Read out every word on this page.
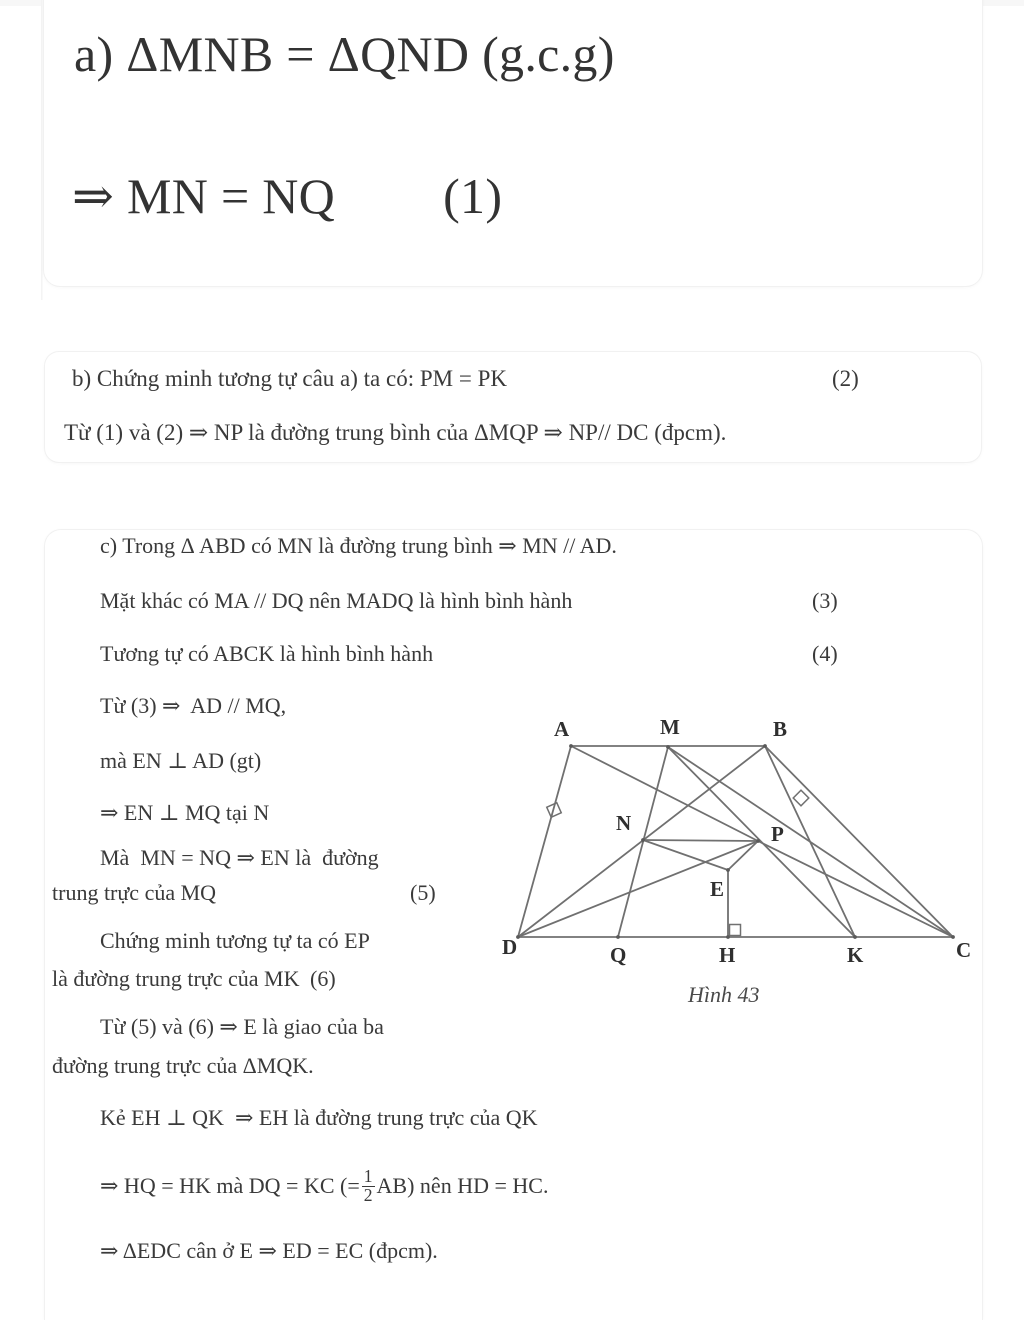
a) ΔMNB = ΔQND (g.c.g)
⇒ MN = NQ (1)
b) Chứng minh tương tự câu a) ta có: PM = PK	(2)
Từ (1) và (2) ⇒ NP là đường trung bình của ΔMQP ⇒ NP// DC (đpcm).
c) Trong Δ ABD có MN là đường trung bình ⇒ MN // AD.
Mặt khác có MA // DQ nên MADQ là hình bình hành	(3)
Tương tự có ABCK là hình bình hành	(4)
Từ (3) ⇒  AD // MQ,
mà EN ⊥ AD (gt)
⇒ EN ⊥ MQ tại N
Mà  MN = NQ ⇒ EN là  đường
trung trực của MQ	(5)
Chứng minh tương tự ta có EP
là đường trung trực của MK (6)
Từ (5) và (6) ⇒ E là giao của ba
đường trung trực của ΔMQK.
Kẻ EH ⊥ QK  ⇒ EH là đường trung trực của QK
⇒ HQ = HK mà DQ = KC (= $\frac{1}{2} AB$) nên HD = HC.
⇒ ΔEDC cân ở E ⇒ ED = EC (đpcm).
A	M	B
N	P
E
D	Q	H	K	C
Hình 43
